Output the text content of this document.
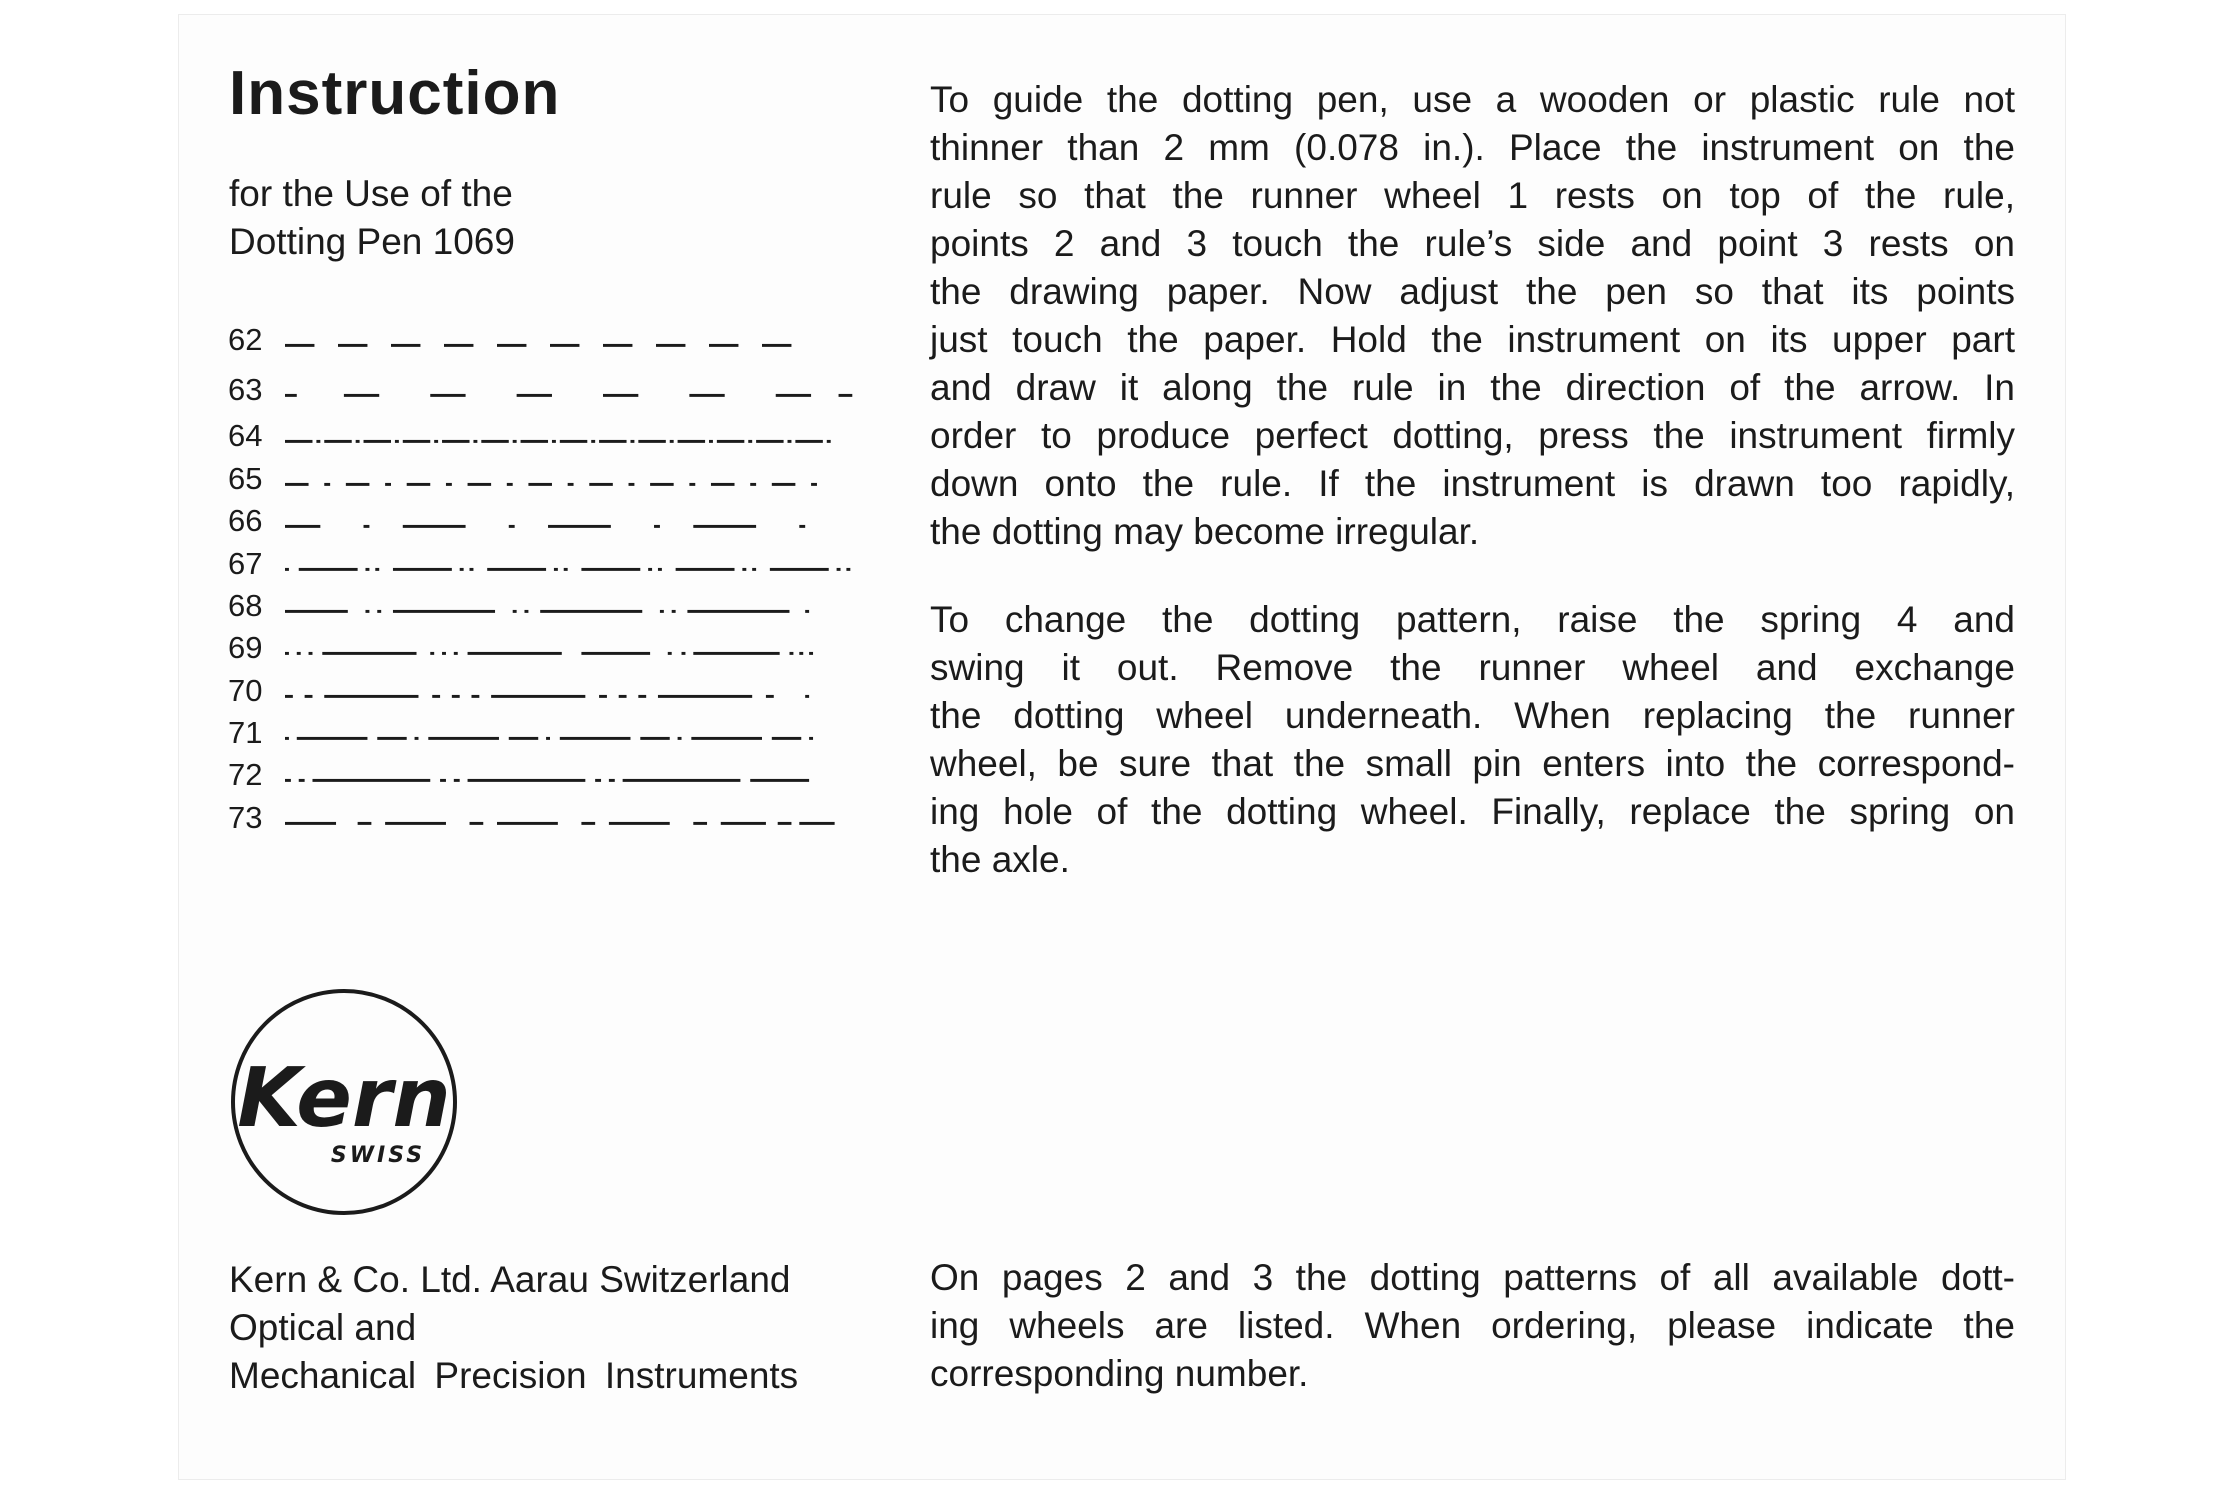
Instruction
for the Use of the
Dotting Pen 1069
62
63
64
65
66
67
68
69
70
71
72
73

To guide the dotting pen, use a wooden or plastic rule not
thinner than 2 mm (0.078 in.). Place the instrument on the
rule so that the runner wheel 1 rests on top of the rule,
points 2 and 3 touch the rule’s side and point 3 rests on
the drawing paper. Now adjust the pen so that its points
just touch the paper. Hold the instrument on its upper part
and draw it along the rule in the direction of the arrow. In
order to produce perfect dotting, press the instrument firmly
down onto the rule. If the instrument is drawn too rapidly,
the dotting may become irregular.

To change the dotting pattern, raise the spring 4 and
swing it out. Remove the runner wheel and exchange
the dotting wheel underneath. When replacing the runner
wheel, be sure that the small pin enters into the correspond-
ing hole of the dotting wheel. Finally, replace the spring on
the axle.

Kern
SWISS
Kern & Co. Ltd. Aarau Switzerland
Optical and
Mechanical Precision Instruments

On pages 2 and 3 the dotting patterns of all available dott-
ing wheels are listed. When ordering, please indicate the
corresponding number.
